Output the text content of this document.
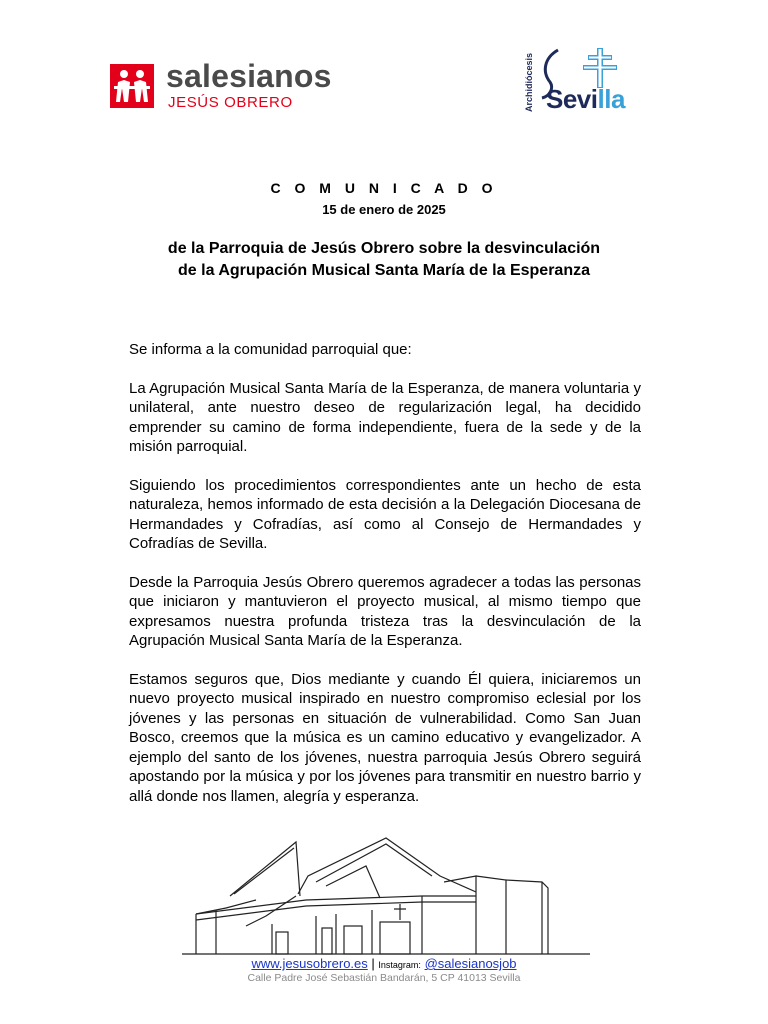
salesianos
JESÚS OBRERO	Archidiócesis Sevilla
C O M U N I C A D O
15 de enero de 2025
de la Parroquia de Jesús Obrero sobre la desvinculación
de la Agrupación Musical Santa María de la Esperanza

Se informa a la comunidad parroquial que:

La Agrupación Musical Santa María de la Esperanza, de manera voluntaria y unilateral, ante nuestro deseo de regularización legal, ha decidido emprender su camino de forma independiente, fuera de la sede y de la misión parroquial.

Siguiendo los procedimientos correspondientes ante un hecho de esta naturaleza, hemos informado de esta decisión a la Delegación Diocesana de Hermandades y Cofradías, así como al Consejo de Hermandades y Cofradías de Sevilla.

Desde la Parroquia Jesús Obrero queremos agradecer a todas las personas que iniciaron y mantuvieron el proyecto musical, al mismo tiempo que expresamos nuestra profunda tristeza tras la desvinculación de la Agrupación Musical Santa María de la Esperanza.

Estamos seguros que, Dios mediante y cuando Él quiera, iniciaremos un nuevo proyecto musical inspirado en nuestro compromiso eclesial por los jóvenes y las personas en situación de vulnerabilidad. Como San Juan Bosco, creemos que la música es un camino educativo y evangelizador. A ejemplo del santo de los jóvenes, nuestra parroquia Jesús Obrero seguirá apostando por la música y por los jóvenes para transmitir en nuestro barrio y allá donde nos llamen, alegría y esperanza.

www.jesusobrero.es | Instagram: @salesianosjob
Calle Padre José Sebastián Bandarán, 5 CP 41013 Sevilla
